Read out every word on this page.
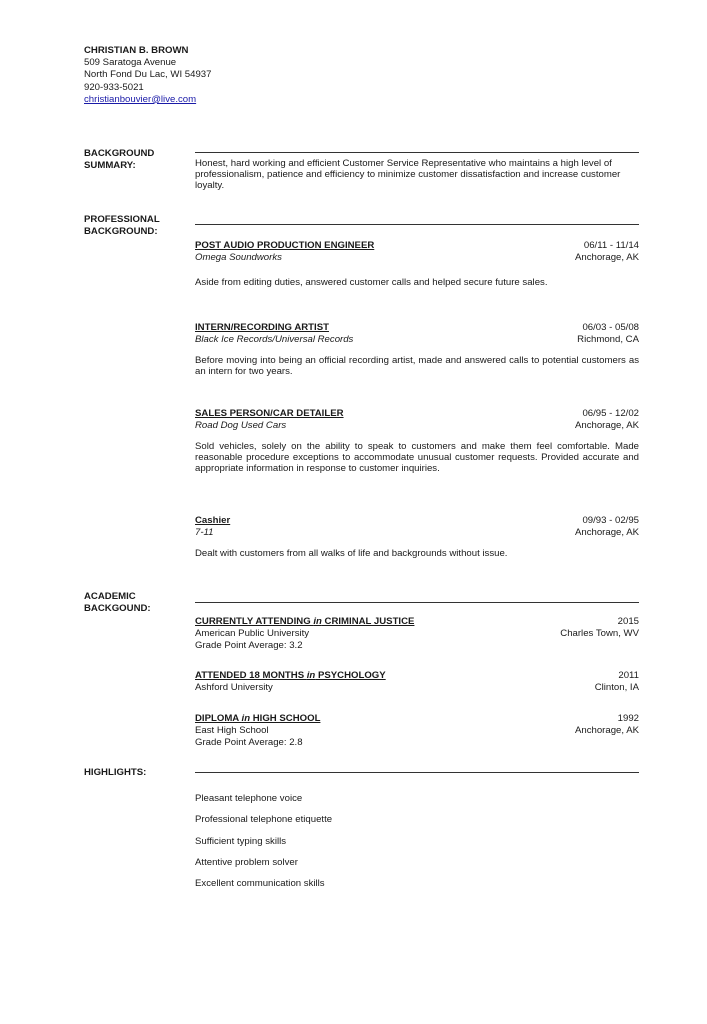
CHRISTIAN B. BROWN
509 Saratoga Avenue
North Fond Du Lac, WI 54937
920-933-5021
christianbouvier@live.com
BACKGROUND
SUMMARY:	Honest, hard working and efficient Customer Service Representative who maintains a high level of professionalism, patience and efficiency to minimize customer dissatisfaction and increase customer loyalty.
PROFESSIONAL
BACKGROUND:
POST AUDIO PRODUCTION ENGINEER	06/11 - 11/14
Omega Soundworks	Anchorage, AK
Aside from editing duties, answered customer calls and helped secure future sales.
INTERN/RECORDING ARTIST	06/03 - 05/08
Black Ice Records/Universal Records	Richmond, CA
Before moving into being an official recording artist, made and answered calls to potential customers as an intern for two years.
SALES PERSON/CAR DETAILER	06/95 - 12/02
Road Dog Used Cars	Anchorage, AK
Sold vehicles, solely on the ability to speak to customers and make them feel comfortable. Made reasonable procedure exceptions to accommodate unusual customer requests. Provided accurate and appropriate information in response to customer inquiries.
Cashier	09/93 - 02/95
7-11	Anchorage, AK
Dealt with customers from all walks of life and backgrounds without issue.
ACADEMIC
BACKGOUND:
CURRENTLY ATTENDING in CRIMINAL JUSTICE	2015
American Public University	Charles Town, WV
Grade Point Average: 3.2
ATTENDED 18 MONTHS in PSYCHOLOGY	2011
Ashford University	Clinton, IA
DIPLOMA in HIGH SCHOOL	1992
East High School	Anchorage, AK
Grade Point Average: 2.8
HIGHLIGHTS:
Pleasant telephone voice
Professional telephone etiquette
Sufficient typing skills
Attentive problem solver
Excellent communication skills
